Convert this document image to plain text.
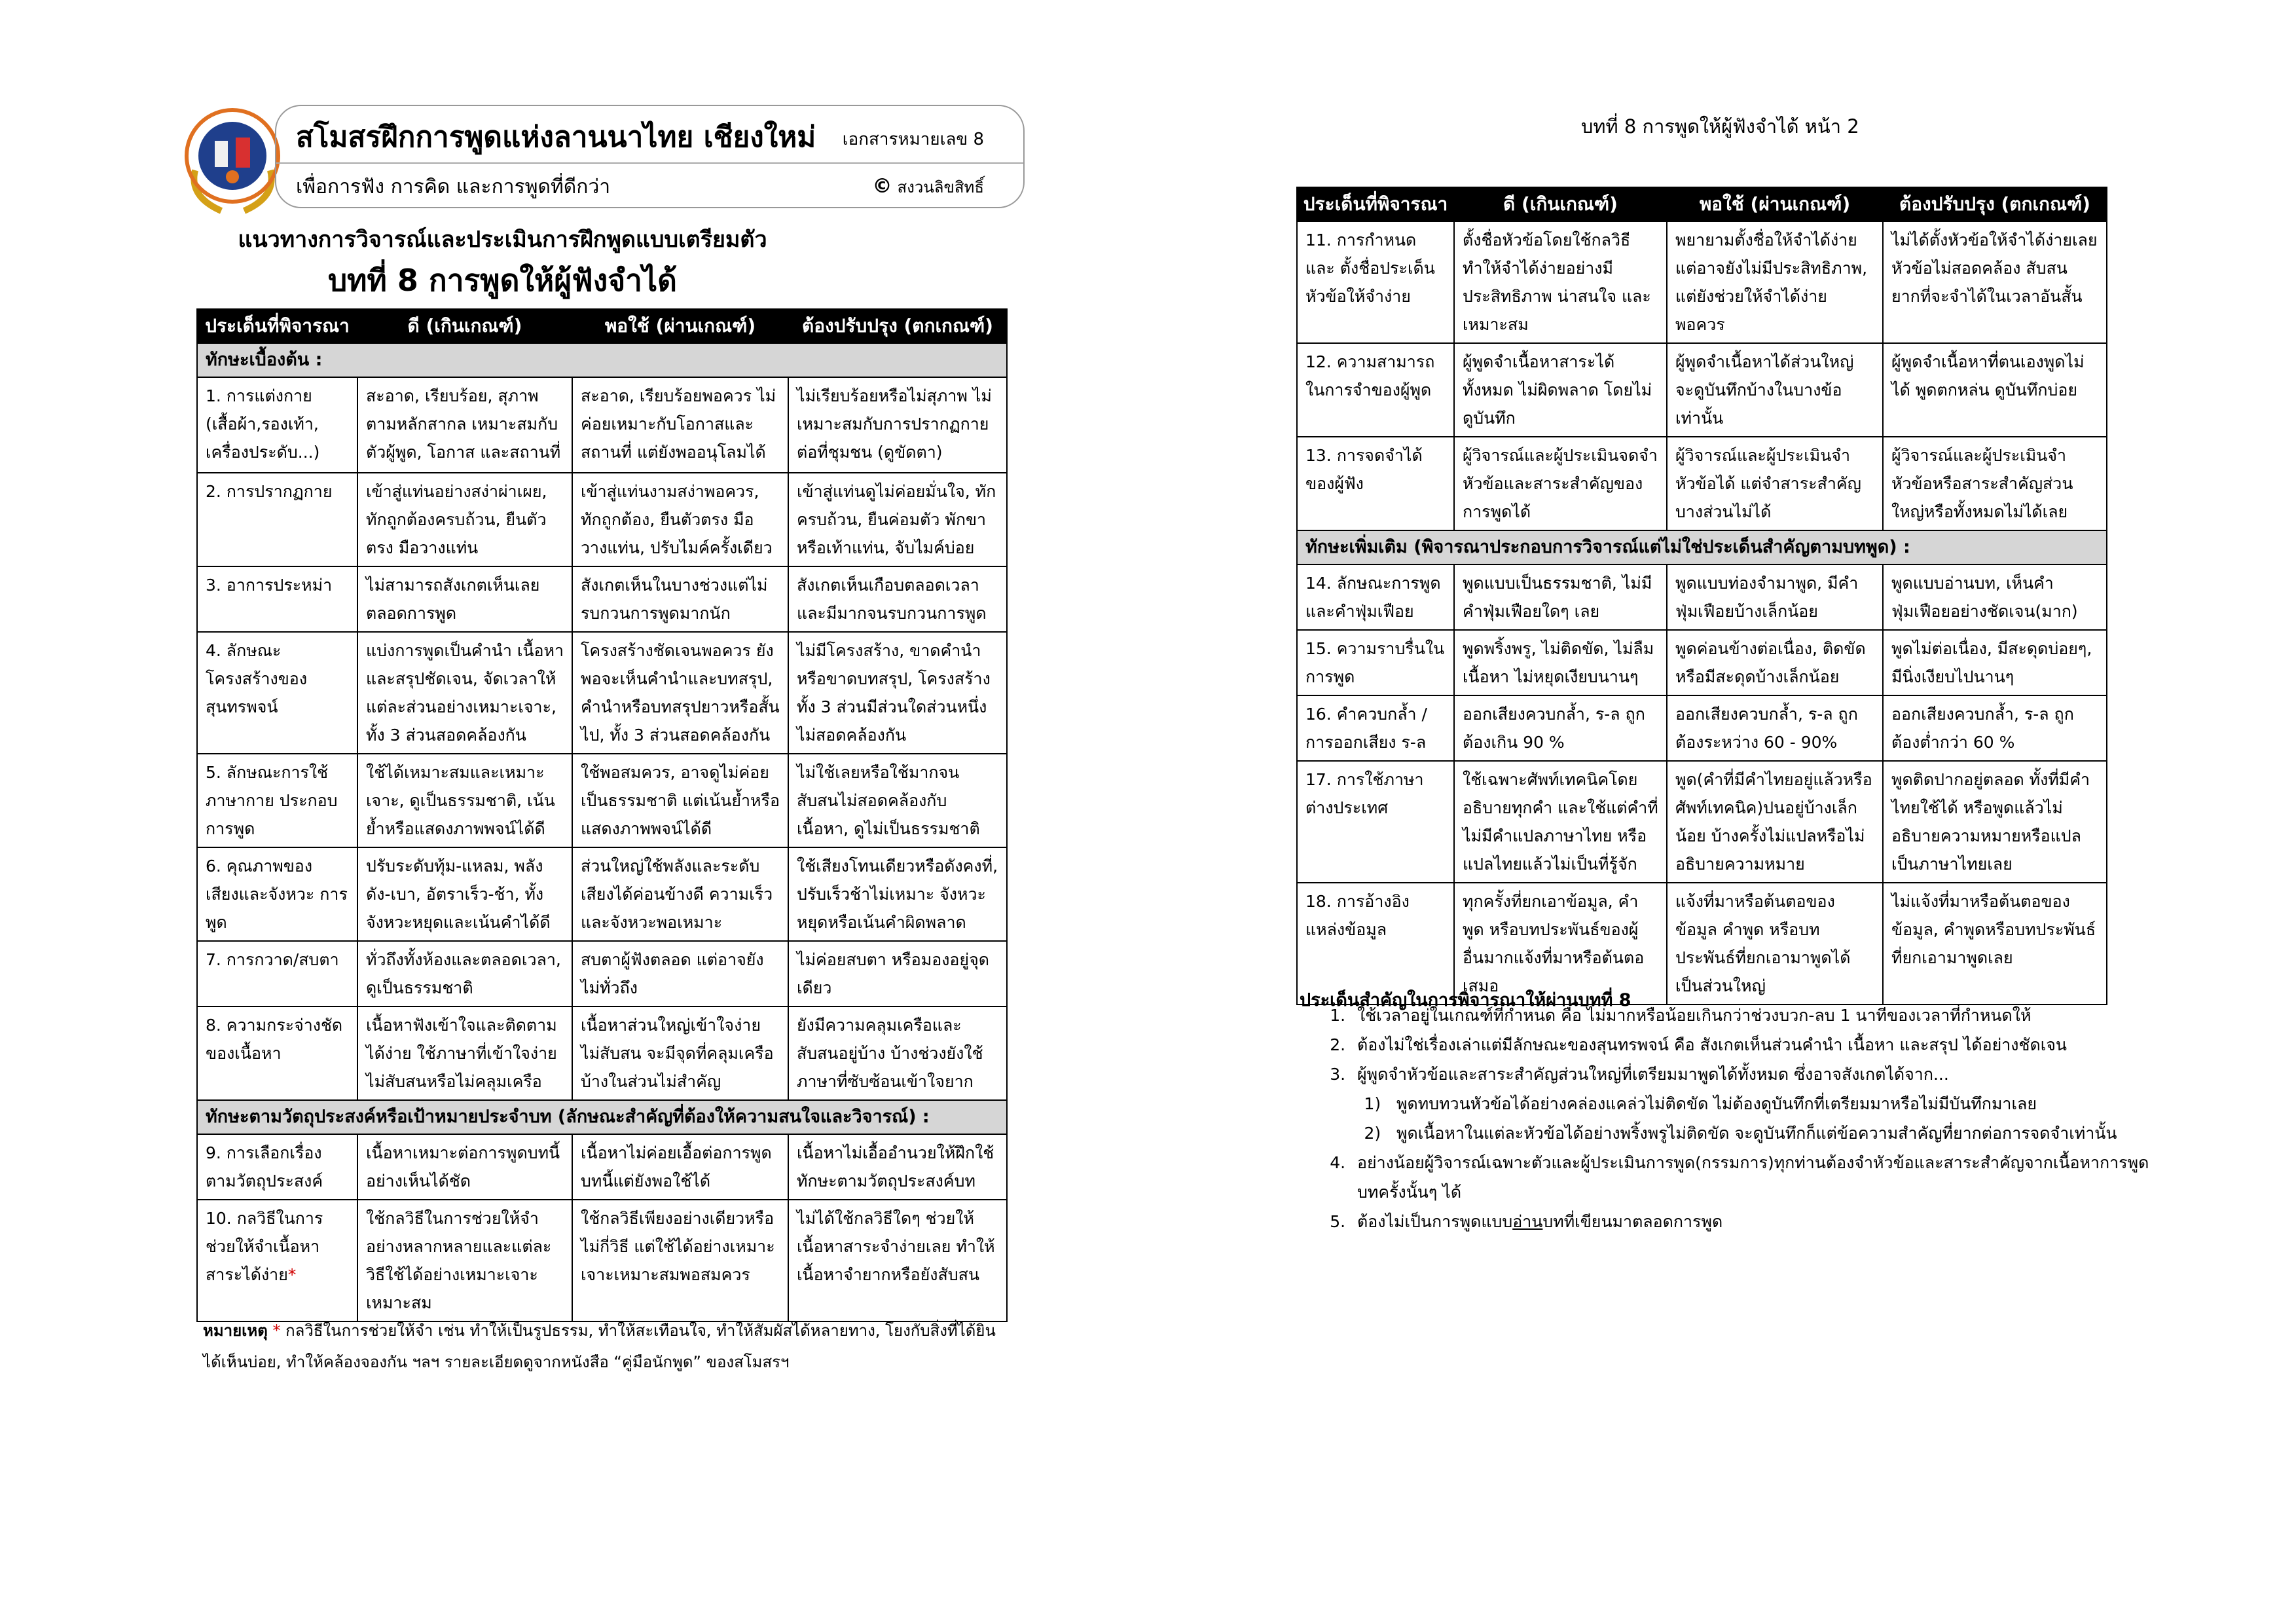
สโมสรฝึกการพูดแห่งลานนาไทย เชียงใหม่ เอกสารหมายเลข 8
เพื่อการฟัง การคิด และการพูดที่ดีกว่า	© สงวนลิขสิทธิ์
แนวทางการวิจารณ์และประเมินการฝึกพูดแบบเตรียมตัว
บทที่ 8 การพูดให้ผู้ฟังจำได้
ประเด็นที่พิจารณา	ดี (เกินเกณฑ์)	พอใช้ (ผ่านเกณฑ์)	ต้องปรับปรุง (ตกเกณฑ์)
ทักษะเบื้องต้น :			
1. การแต่งกาย (เสื้อผ้า,รองเท้า, เครื่องประดับ...)	สะอาด, เรียบร้อย, สุภาพ ตามหลักสากล เหมาะสมกับตัวผู้พูด, โอกาส และสถานที่	สะอาด, เรียบร้อยพอควร ไม่ค่อยเหมาะกับโอกาสและสถานที่ แต่ยังพออนุโลมได้	ไม่เรียบร้อยหรือไม่สุภาพ ไม่เหมาะสมกับการปรากฏกายต่อที่ชุมชน (ดูขัดตา)
2. การปรากฏกาย	เข้าสู่แท่นอย่างสง่าผ่าเผย, ทักถูกต้องครบถ้วน, ยืนตัวตรง มือวางแท่น	เข้าสู่แท่นงามสง่าพอควร, ทักถูกต้อง, ยืนตัวตรง มือวางแท่น, ปรับไมค์ครั้งเดียว	เข้าสู่แท่นดูไม่ค่อยมั่นใจ, ทักครบถ้วน, ยืนค่อมตัว พักขาหรือเท้าแท่น, จับไมค์บ่อย
3. อาการประหม่า	ไม่สามารถสังเกตเห็นเลยตลอดการพูด	สังเกตเห็นในบางช่วงแต่ไม่รบกวนการพูดมากนัก	สังเกตเห็นเกือบตลอดเวลาและมีมากจนรบกวนการพูด
4. ลักษณะ โครงสร้างของ สุนทรพจน์	แบ่งการพูดเป็นคำนำ เนื้อหาและสรุปชัดเจน, จัดเวลาให้แต่ละส่วนอย่างเหมาะเจาะ, ทั้ง 3 ส่วนสอดคล้องกัน	โครงสร้างชัดเจนพอควร ยังพอจะเห็นคำนำและบทสรุป, คำนำหรือบทสรุปยาวหรือสั้นไป, ทั้ง 3 ส่วนสอดคล้องกัน	ไม่มีโครงสร้าง, ขาดคำนำหรือขาดบทสรุป, โครงสร้างทั้ง 3 ส่วนมีส่วนใดส่วนหนึ่งไม่สอดคล้องกัน
5. ลักษณะการใช้ ภาษากาย ประกอบการพูด	ใช้ได้เหมาะสมและเหมาะเจาะ, ดูเป็นธรรมชาติ, เน้นย้ำหรือแสดงภาพพจน์ได้ดี	ใช้พอสมควร, อาจดูไม่ค่อยเป็นธรรมชาติ แต่เน้นย้ำหรือแสดงภาพพจน์ได้ดี	ไม่ใช้เลยหรือใช้มากจนสับสนไม่สอดคล้องกับเนื้อหา, ดูไม่เป็นธรรมชาติ
6. คุณภาพของ เสียงและจังหวะ การพูด	ปรับระดับทุ้ม-แหลม, พลัง ดัง-เบา, อัตราเร็ว-ช้า, ทั้งจังหวะหยุดและเน้นคำได้ดี	ส่วนใหญ่ใช้พลังและระดับเสียงได้ค่อนข้างดี ความเร็วและจังหวะพอเหมาะ	ใช้เสียงโทนเดียวหรือดังคงที่, ปรับเร็วช้าไม่เหมาะ จังหวะหยุดหรือเน้นคำผิดพลาด
7. การกวาด/สบตา	ทั่วถึงทั้งห้องและตลอดเวลา, ดูเป็นธรรมชาติ	สบตาผู้ฟังตลอด แต่อาจยังไม่ทั่วถึง	ไม่ค่อยสบตา หรือมองอยู่จุดเดียว
8. ความกระจ่างชัด ของเนื้อหา	เนื้อหาฟังเข้าใจและติดตามได้ง่าย ใช้ภาษาที่เข้าใจง่ายไม่สับสนหรือไม่คลุมเครือ	เนื้อหาส่วนใหญ่เข้าใจง่ายไม่สับสน จะมีจุดที่คลุมเครือบ้างในส่วนไม่สำคัญ	ยังมีความคลุมเครือและสับสนอยู่บ้าง บ้างช่วงยังใช้ภาษาที่ซับซ้อนเข้าใจยาก
ทักษะตามวัตถุประสงค์หรือเป้าหมายประจำบท (ลักษณะสำคัญที่ต้องให้ความสนใจและวิจารณ์) :			
9. การเลือกเรื่อง ตามวัตถุประสงค์	เนื้อหาเหมาะต่อการพูดบทนี้อย่างเห็นได้ชัด	เนื้อหาไม่ค่อยเอื้อต่อการพูดบทนี้แต่ยังพอใช้ได้	เนื้อหาไม่เอื้ออำนวยให้ฝึกใช้ทักษะตามวัตถุประสงค์บท
10. กลวิธีในการ ช่วยให้จำเนื้อหา สาระได้ง่าย*	ใช้กลวิธีในการช่วยให้จำอย่างหลากหลายและแต่ละวิธีใช้ได้อย่างเหมาะเจาะเหมาะสม	ใช้กลวิธีเพียงอย่างเดียวหรือไม่กี่วิธี แต่ใช้ได้อย่างเหมาะเจาะเหมาะสมพอสมควร	ไม่ได้ใช้กลวิธีใดๆ ช่วยให้เนื้อหาสาระจำง่ายเลย ทำให้เนื้อหาจำยากหรือยังสับสน
หมายเหตุ * กลวิธีในการช่วยให้จำ เช่น ทำให้เป็นรูปธรรม, ทำให้สะเทือนใจ, ทำให้สัมผัสได้หลายทาง, โยงกับสิ่งที่ได้ยินได้เห็นบ่อย, ทำให้คล้องจองกัน ฯลฯ รายละเอียดดูจากหนังสือ “คู่มือนักพูด” ของสโมสรฯ
บทที่ 8 การพูดให้ผู้ฟังจำได้ หน้า 2
ประเด็นที่พิจารณา	ดี (เกินเกณฑ์)	พอใช้ (ผ่านเกณฑ์)	ต้องปรับปรุง (ตกเกณฑ์)
11. การกำหนดและ ตั้งชื่อประเด็น หัวข้อให้จำง่าย	ตั้งชื่อหัวข้อโดยใช้กลวิธีทำให้จำได้ง่ายอย่างมีประสิทธิภาพ น่าสนใจ และเหมาะสม	พยายามตั้งชื่อให้จำได้ง่าย แต่อาจยังไม่มีประสิทธิภาพ, แต่ยังช่วยให้จำได้ง่ายพอควร	ไม่ได้ตั้งหัวข้อให้จำได้ง่ายเลย หัวข้อไม่สอดคล้อง สับสน ยากที่จะจำได้ในเวลาอันสั้น
12. ความสามารถ ในการจำของผู้พูด	ผู้พูดจำเนื้อหาสาระได้ทั้งหมด ไม่ผิดพลาด โดยไม่ดูบันทึก	ผู้พูดจำเนื้อหาได้ส่วนใหญ่ จะดูบันทึกบ้างในบางข้อเท่านั้น	ผู้พูดจำเนื้อหาที่ตนเองพูดไม่ได้ พูดตกหล่น ดูบันทึกบ่อย
13. การจดจำได้ ของผู้ฟัง	ผู้วิจารณ์และผู้ประเมินจดจำหัวข้อและสาระสำคัญของการพูดได้	ผู้วิจารณ์และผู้ประเมินจำหัวข้อได้ แต่จำสาระสำคัญบางส่วนไม่ได้	ผู้วิจารณ์และผู้ประเมินจำหัวข้อหรือสาระสำคัญส่วนใหญ่หรือทั้งหมดไม่ได้เลย
ทักษะเพิ่มเติม (พิจารณาประกอบการวิจารณ์แต่ไม่ใช่ประเด็นสำคัญตามบทพูด) :			
14. ลักษณะการพูด และคำฟุ่มเฟือย	พูดแบบเป็นธรรมชาติ, ไม่มีคำฟุ่มเฟือยใดๆ เลย	พูดแบบท่องจำมาพูด, มีคำฟุ่มเฟือยบ้างเล็กน้อย	พูดแบบอ่านบท, เห็นคำฟุ่มเฟือยอย่างชัดเจน(มาก)
15. ความราบรื่นใน การพูด	พูดพริ้งพรู, ไม่ติดขัด, ไม่ลืมเนื้อหา ไม่หยุดเงียบนานๆ	พูดค่อนข้างต่อเนื่อง, ติดขัดหรือมีสะดุดบ้างเล็กน้อย	พูดไม่ต่อเนื่อง, มีสะดุดบ่อยๆ, มีนิ่งเงียบไปนานๆ
16. คำควบกล้ำ / การออกเสียง ร-ล	ออกเสียงควบกล้ำ, ร-ล ถูกต้องเกิน 90 %	ออกเสียงควบกล้ำ, ร-ล ถูกต้องระหว่าง 60 - 90%	ออกเสียงควบกล้ำ, ร-ล ถูกต้องต่ำกว่า 60 %
17. การใช้ภาษา ต่างประเทศ	ใช้เฉพาะศัพท์เทคนิคโดยอธิบายทุกคำ และใช้แต่คำที่ไม่มีคำแปลภาษาไทย หรือแปลไทยแล้วไม่เป็นที่รู้จัก	พูด(คำที่มีคำไทยอยู่แล้วหรือศัพท์เทคนิค)ปนอยู่บ้างเล็กน้อย บ้างครั้งไม่แปลหรือไม่อธิบายความหมาย	พูดติดปากอยู่ตลอด ทั้งที่มีคำไทยใช้ได้ หรือพูดแล้วไม่อธิบายความหมายหรือแปลเป็นภาษาไทยเลย
18. การอ้างอิง แหล่งข้อมูล	ทุกครั้งที่ยกเอาข้อมูล, คำพูด หรือบทประพันธ์ของผู้อื่นมากแจ้งที่มาหรือต้นตอเสมอ	แจ้งที่มาหรือต้นตอของข้อมูล คำพูด หรือบทประพันธ์ที่ยกเอามาพูดได้เป็นส่วนใหญ่	ไม่แจ้งที่มาหรือต้นตอของข้อมูล, คำพูดหรือบทประพันธ์ที่ยกเอามาพูดเลย
ประเด็นสำคัญในการพิจารณาให้ผ่านบทที่ 8
1. ใช้เวลาอยู่ในเกณฑ์ที่กำหนด คือ ไม่มากหรือน้อยเกินกว่าช่วงบวก-ลบ 1 นาทีของเวลาที่กำหนดให้
2. ต้องไม่ใช่เรื่องเล่าแต่มีลักษณะของสุนทรพจน์ คือ สังเกตเห็นส่วนคำนำ เนื้อหา และสรุป ได้อย่างชัดเจน
3. ผู้พูดจำหัวข้อและสาระสำคัญส่วนใหญ่ที่เตรียมมาพูดได้ทั้งหมด ซึ่งอาจสังเกตได้จาก...
1. พูดทบทวนหัวข้อได้อย่างคล่องแคล่วไม่ติดขัด ไม่ต้องดูบันทึกที่เตรียมมาหรือไม่มีบันทึกมาเลย
2. พูดเนื้อหาในแต่ละหัวข้อได้อย่างพริ้งพรูไม่ติดขัด จะดูบันทึกก็แต่ข้อความสำคัญที่ยากต่อการจดจำเท่านั้น
4. อย่างน้อยผู้วิจารณ์เฉพาะตัวและผู้ประเมินการพูด(กรรมการ)ทุกท่านต้องจำหัวข้อและสาระสำคัญจากเนื้อหาการพูดบทครั้งนั้นๆ ได้
5. ต้องไม่เป็นการพูดแบบอ่านบทที่เขียนมาตลอดการพูด
